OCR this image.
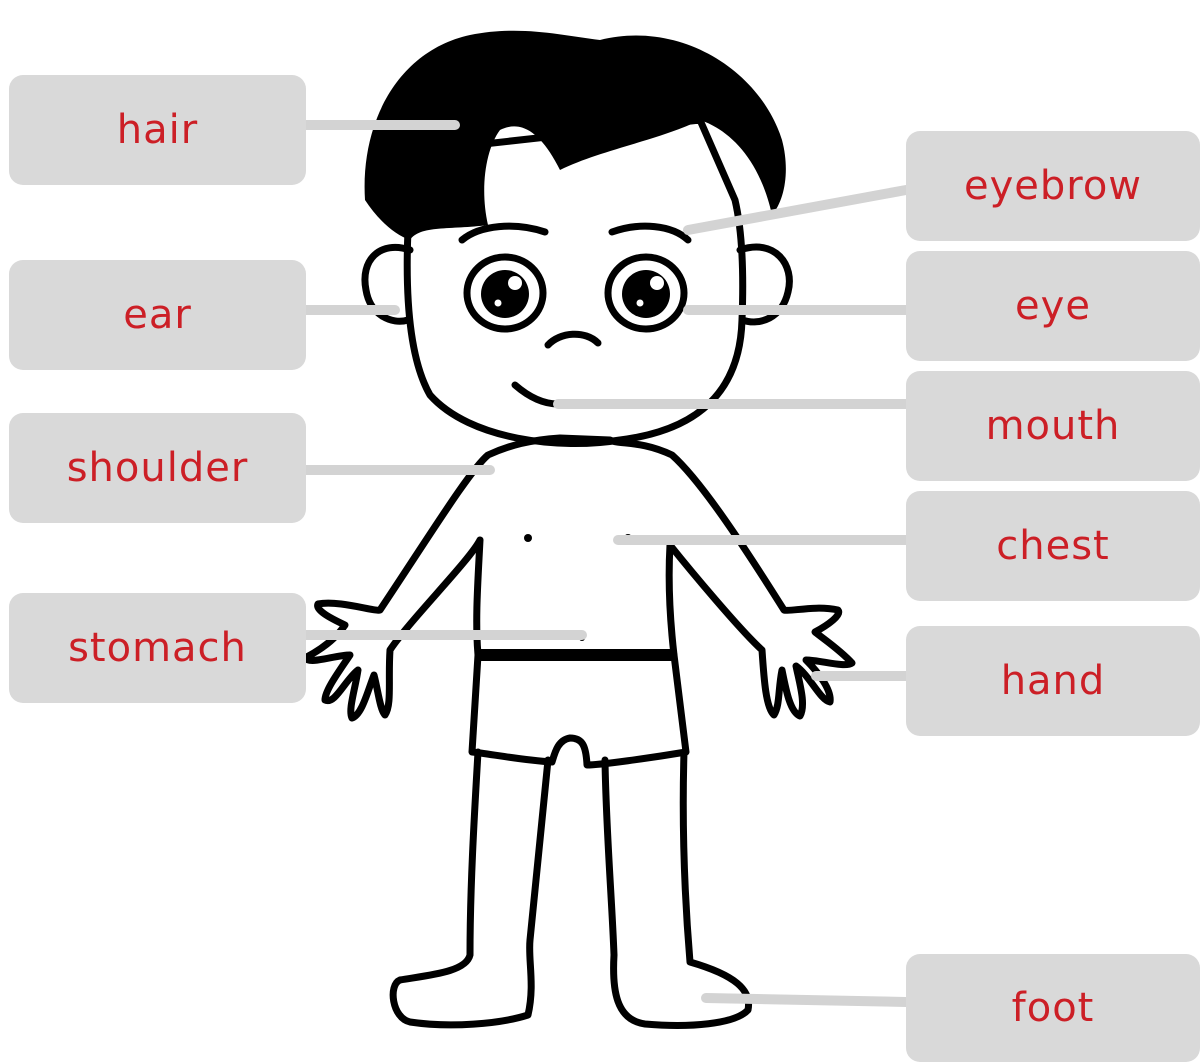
hair
ear
shoulder
stomach
eyebrow
eye
mouth
chest
hand
foot
